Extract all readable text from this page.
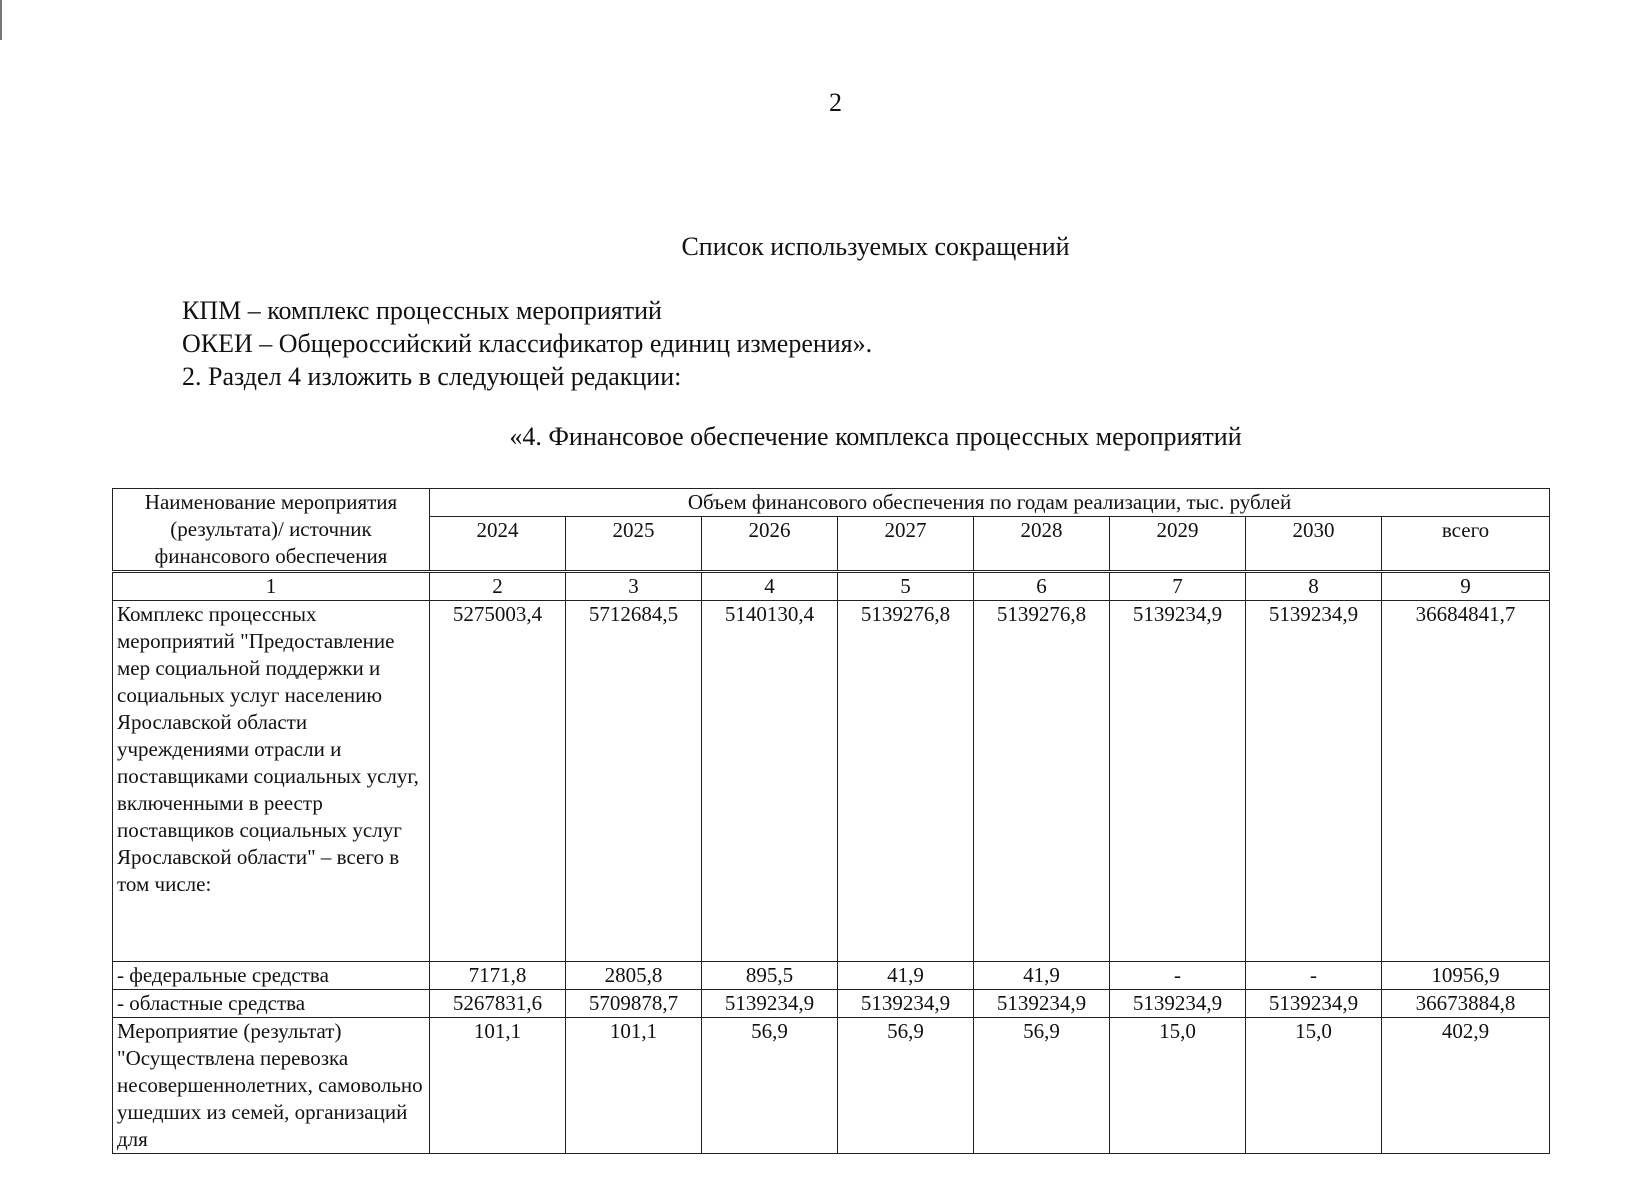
2
Список используемых сокращений
КПМ – комплекс процессных мероприятий
ОКЕИ – Общероссийский классификатор единиц измерения».
2. Раздел 4 изложить в следующей редакции:
«4. Финансовое обеспечение комплекса процессных мероприятий
Наименование мероприятия (результата)/ источник финансового обеспечения	Объем финансового обеспечения по годам реализации, тыс. рублей							
	2024	2025	2026	2027	2028	2029	2030	всего
1	2	3	4	5	6	7	8	9
Комплекс процессных мероприятий "Предоставление мер социальной поддержки и социальных услуг населению Ярославской области учреждениями отрасли и поставщиками социальных услуг, включенными в реестр поставщиков социальных услуг Ярославской области" – всего в том числе:	5275003,4	5712684,5	5140130,4	5139276,8	5139276,8	5139234,9	5139234,9	36684841,7
- федеральные средства	7171,8	2805,8	895,5	41,9	41,9	-	-	10956,9
- областные средства	5267831,6	5709878,7	5139234,9	5139234,9	5139234,9	5139234,9	5139234,9	36673884,8
Мероприятие (результат) "Осуществлена перевозка несовершеннолетних, самовольно ушедших из семей, организаций для	101,1	101,1	56,9	56,9	56,9	15,0	15,0	402,9
